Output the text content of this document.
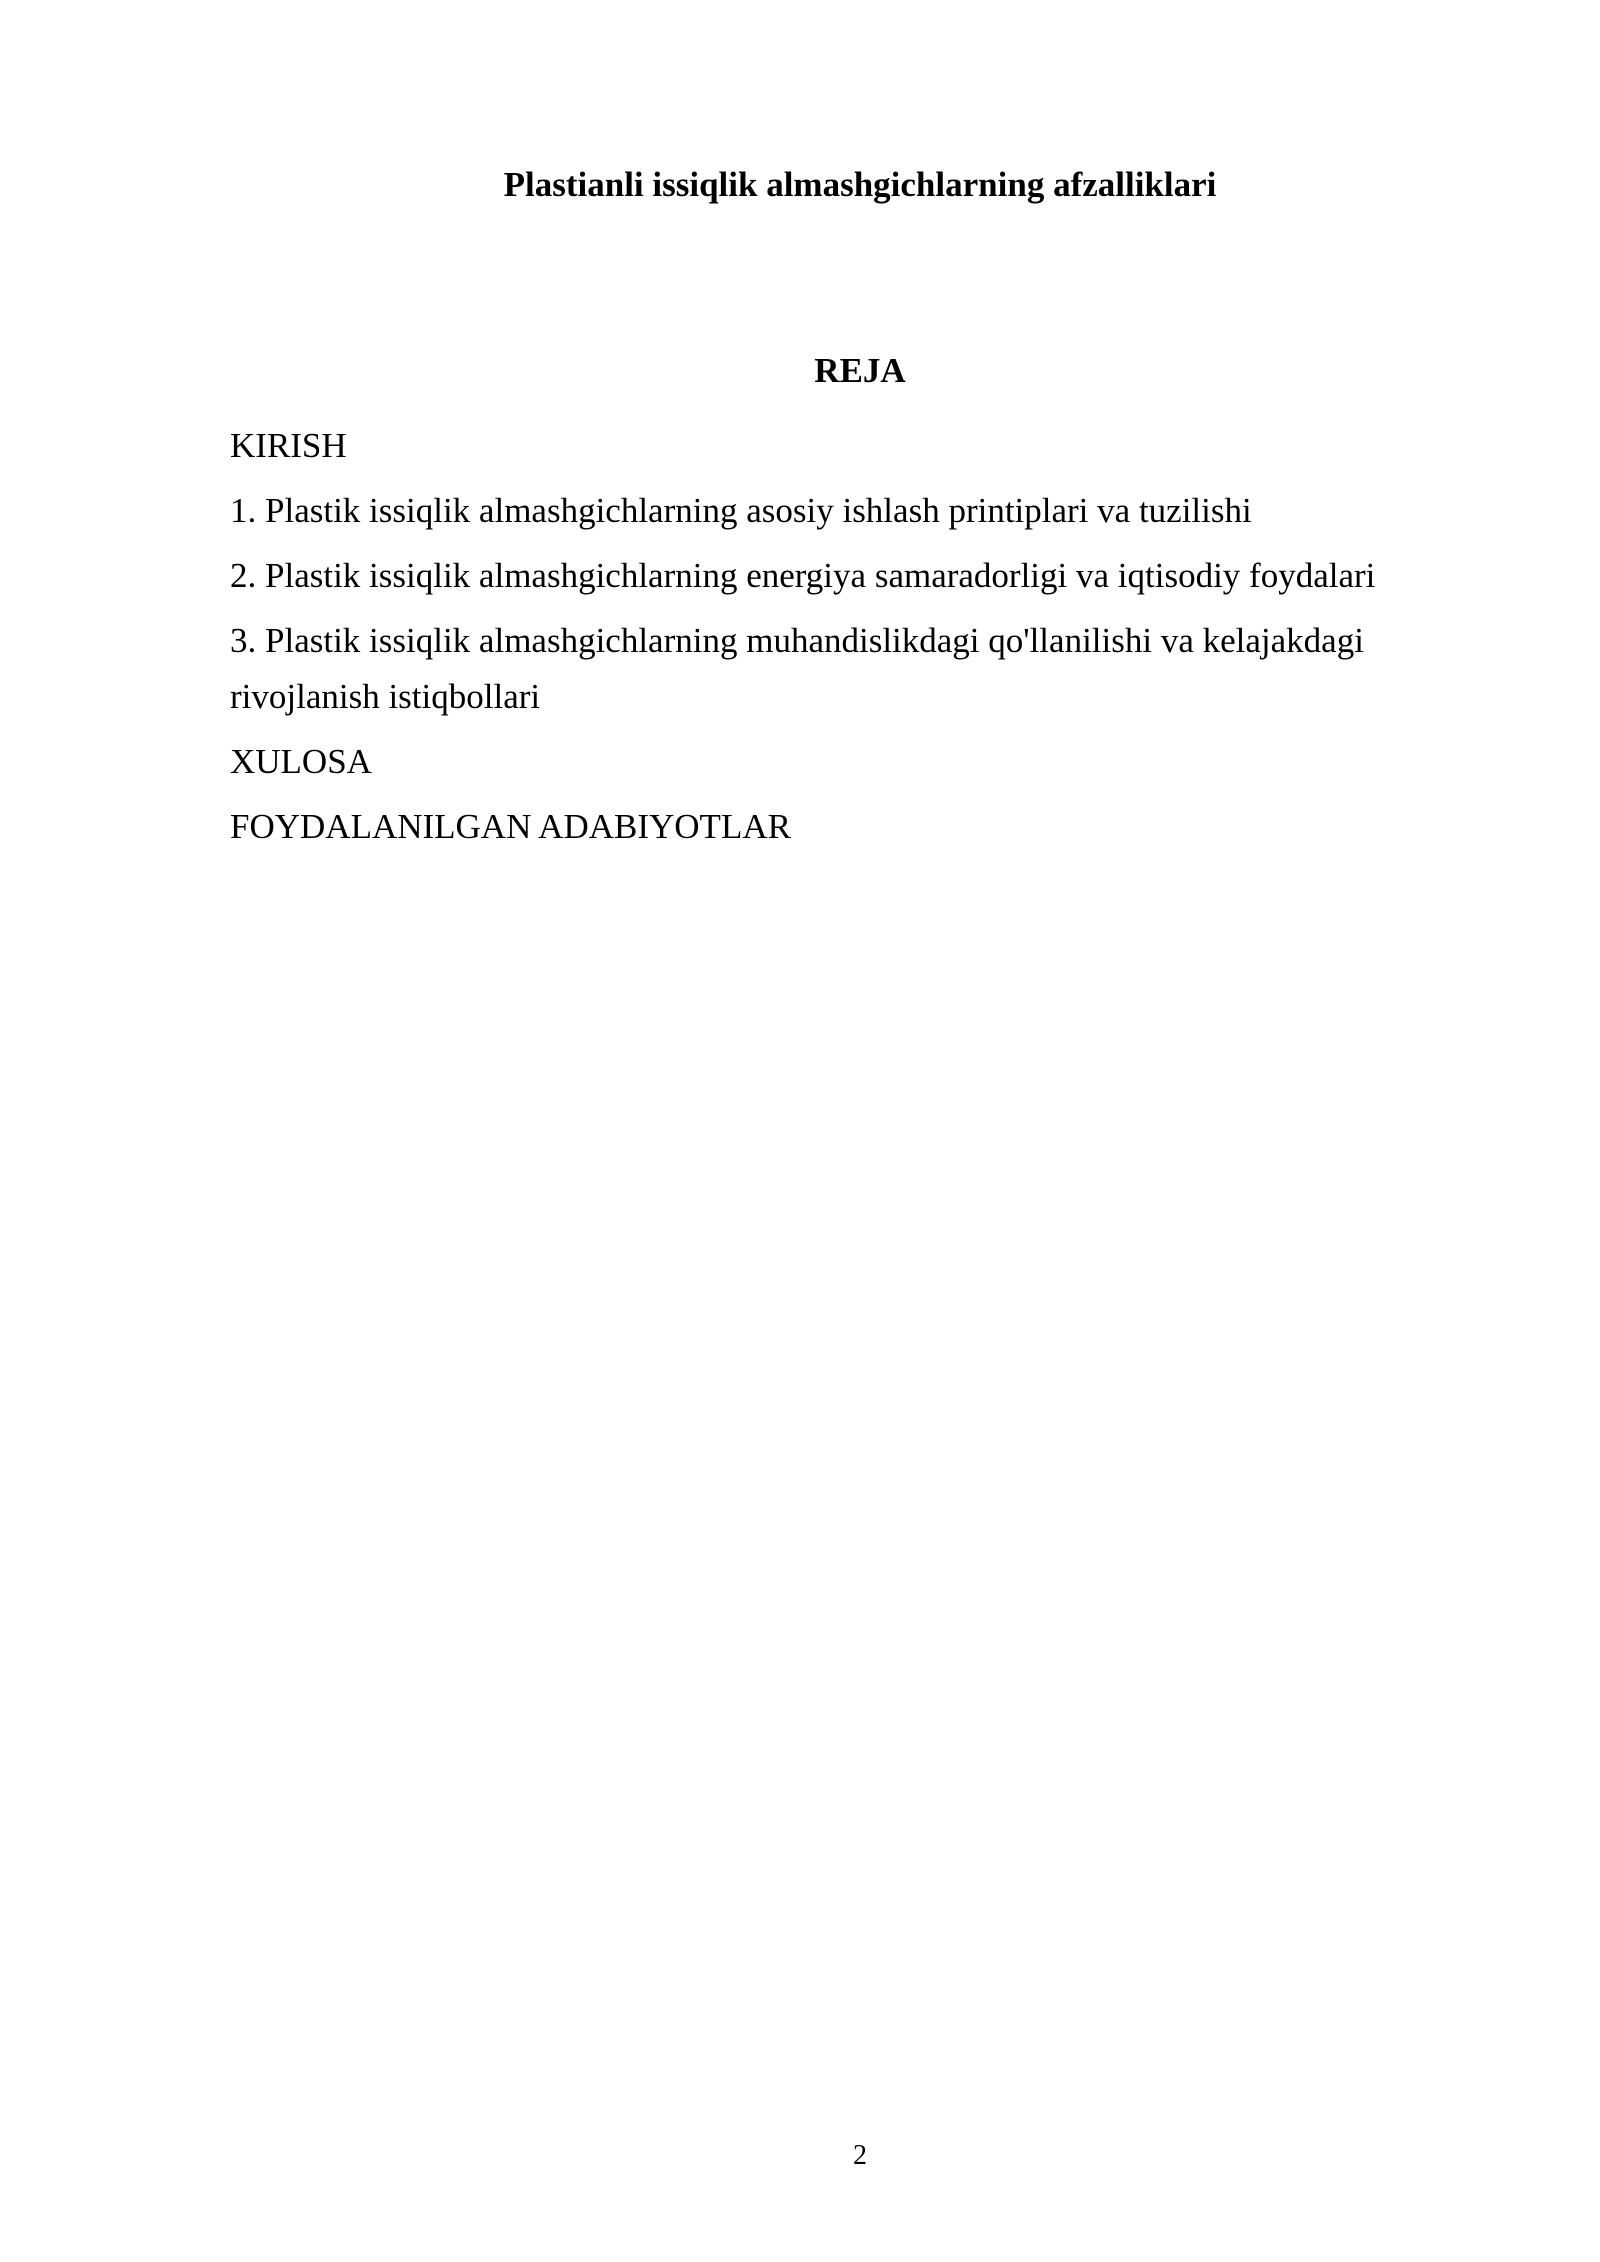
Plastianli issiqlik almashgichlarning afzalliklari
REJA
KIRISH
1. Plastik issiqlik almashgichlarning asosiy ishlash printiplari va tuzilishi
2. Plastik issiqlik almashgichlarning energiya samaradorligi va iqtisodiy foydalari
3. Plastik issiqlik almashgichlarning muhandislikdagi qo'llanilishi va kelajakdagi rivojlanish istiqbollari
XULOSA
FOYDALANILGAN ADABIYOTLAR
2
